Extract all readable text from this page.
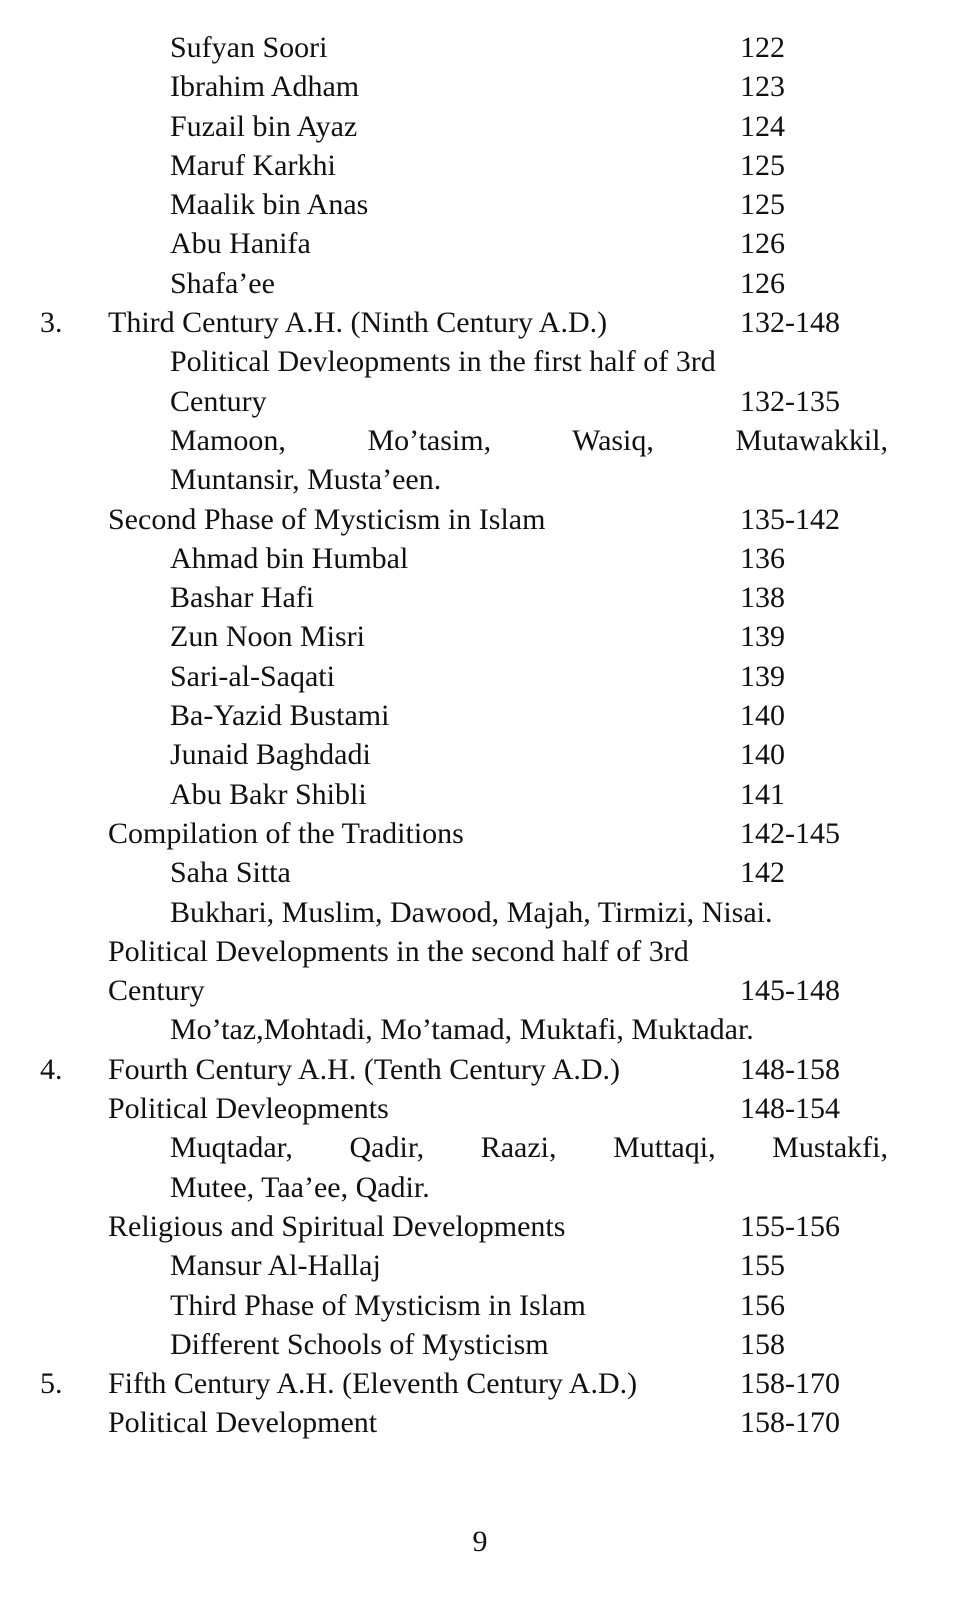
Sufyan Soori	122
Ibrahim Adham	123
Fuzail bin Ayaz	124
Maruf Karkhi	125
Maalik bin Anas	125
Abu Hanifa	126
Shafa’ee	126
3. Third Century A.H. (Ninth Century A.D.)	132-148
Political Devleopments in the first half of 3rd
Century	132-135
Mamoon, Mo’tasim, Wasiq, Mutawakkil,
Muntansir, Musta’een.
Second Phase of Mysticism in Islam	135-142
Ahmad bin Humbal	136
Bashar Hafi	138
Zun Noon Misri	139
Sari-al-Saqati	139
Ba-Yazid Bustami	140
Junaid Baghdadi	140
Abu Bakr Shibli	141
Compilation of the Traditions	142-145
Saha Sitta	142
Bukhari, Muslim, Dawood, Majah, Tirmizi, Nisai.
Political Developments in the second half of 3rd
Century	145-148
Mo’taz,Mohtadi, Mo’tamad, Muktafi, Muktadar.
4. Fourth Century A.H. (Tenth Century A.D.)	148-158
Political Devleopments	148-154
Muqtadar, Qadir, Raazi, Muttaqi, Mustakfi,
Mutee, Taa’ee, Qadir.
Religious and Spiritual Developments	155-156
Mansur Al-Hallaj	155
Third Phase of Mysticism in Islam	156
Different Schools of Mysticism	158
5. Fifth Century A.H. (Eleventh Century A.D.)	158-170
Political Development	158-170
9
